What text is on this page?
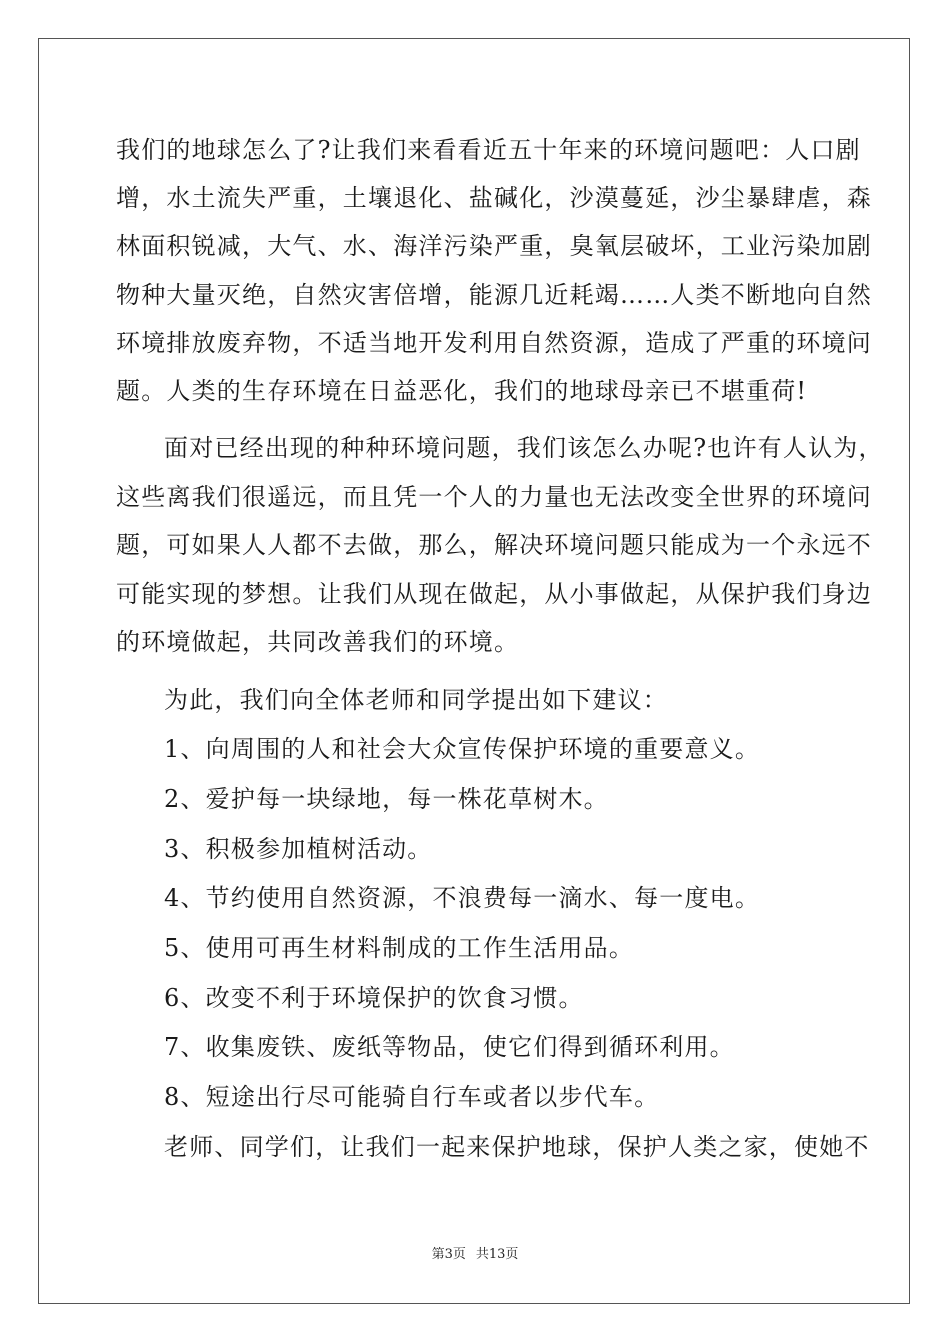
我们的地球怎么了?让我们来看看近五十年来的环境问题吧：人口剧
增，水土流失严重，土壤退化、盐碱化，沙漠蔓延，沙尘暴肆虐，森
林面积锐减，大气、水、海洋污染严重，臭氧层破坏，工业污染加剧
物种大量灭绝，自然灾害倍增，能源几近耗竭……人类不断地向自然
环境排放废弃物，不适当地开发利用自然资源，造成了严重的环境问
题。人类的生存环境在日益恶化，我们的地球母亲已不堪重荷!
面对已经出现的种种环境问题，我们该怎么办呢?也许有人认为，
这些离我们很遥远，而且凭一个人的力量也无法改变全世界的环境问
题，可如果人人都不去做，那么，解决环境问题只能成为一个永远不
可能实现的梦想。让我们从现在做起，从小事做起，从保护我们身边
的环境做起，共同改善我们的环境。
为此，我们向全体老师和同学提出如下建议：
1、向周围的人和社会大众宣传保护环境的重要意义。
2、爱护每一块绿地，每一株花草树木。
3、积极参加植树活动。
4、节约使用自然资源，不浪费每一滴水、每一度电。
5、使用可再生材料制成的工作生活用品。
6、改变不利于环境保护的饮食习惯。
7、收集废铁、废纸等物品，使它们得到循环利用。
8、短途出行尽可能骑自行车或者以步代车。
老师、同学们，让我们一起来保护地球，保护人类之家，使她不
第3页 共13页
